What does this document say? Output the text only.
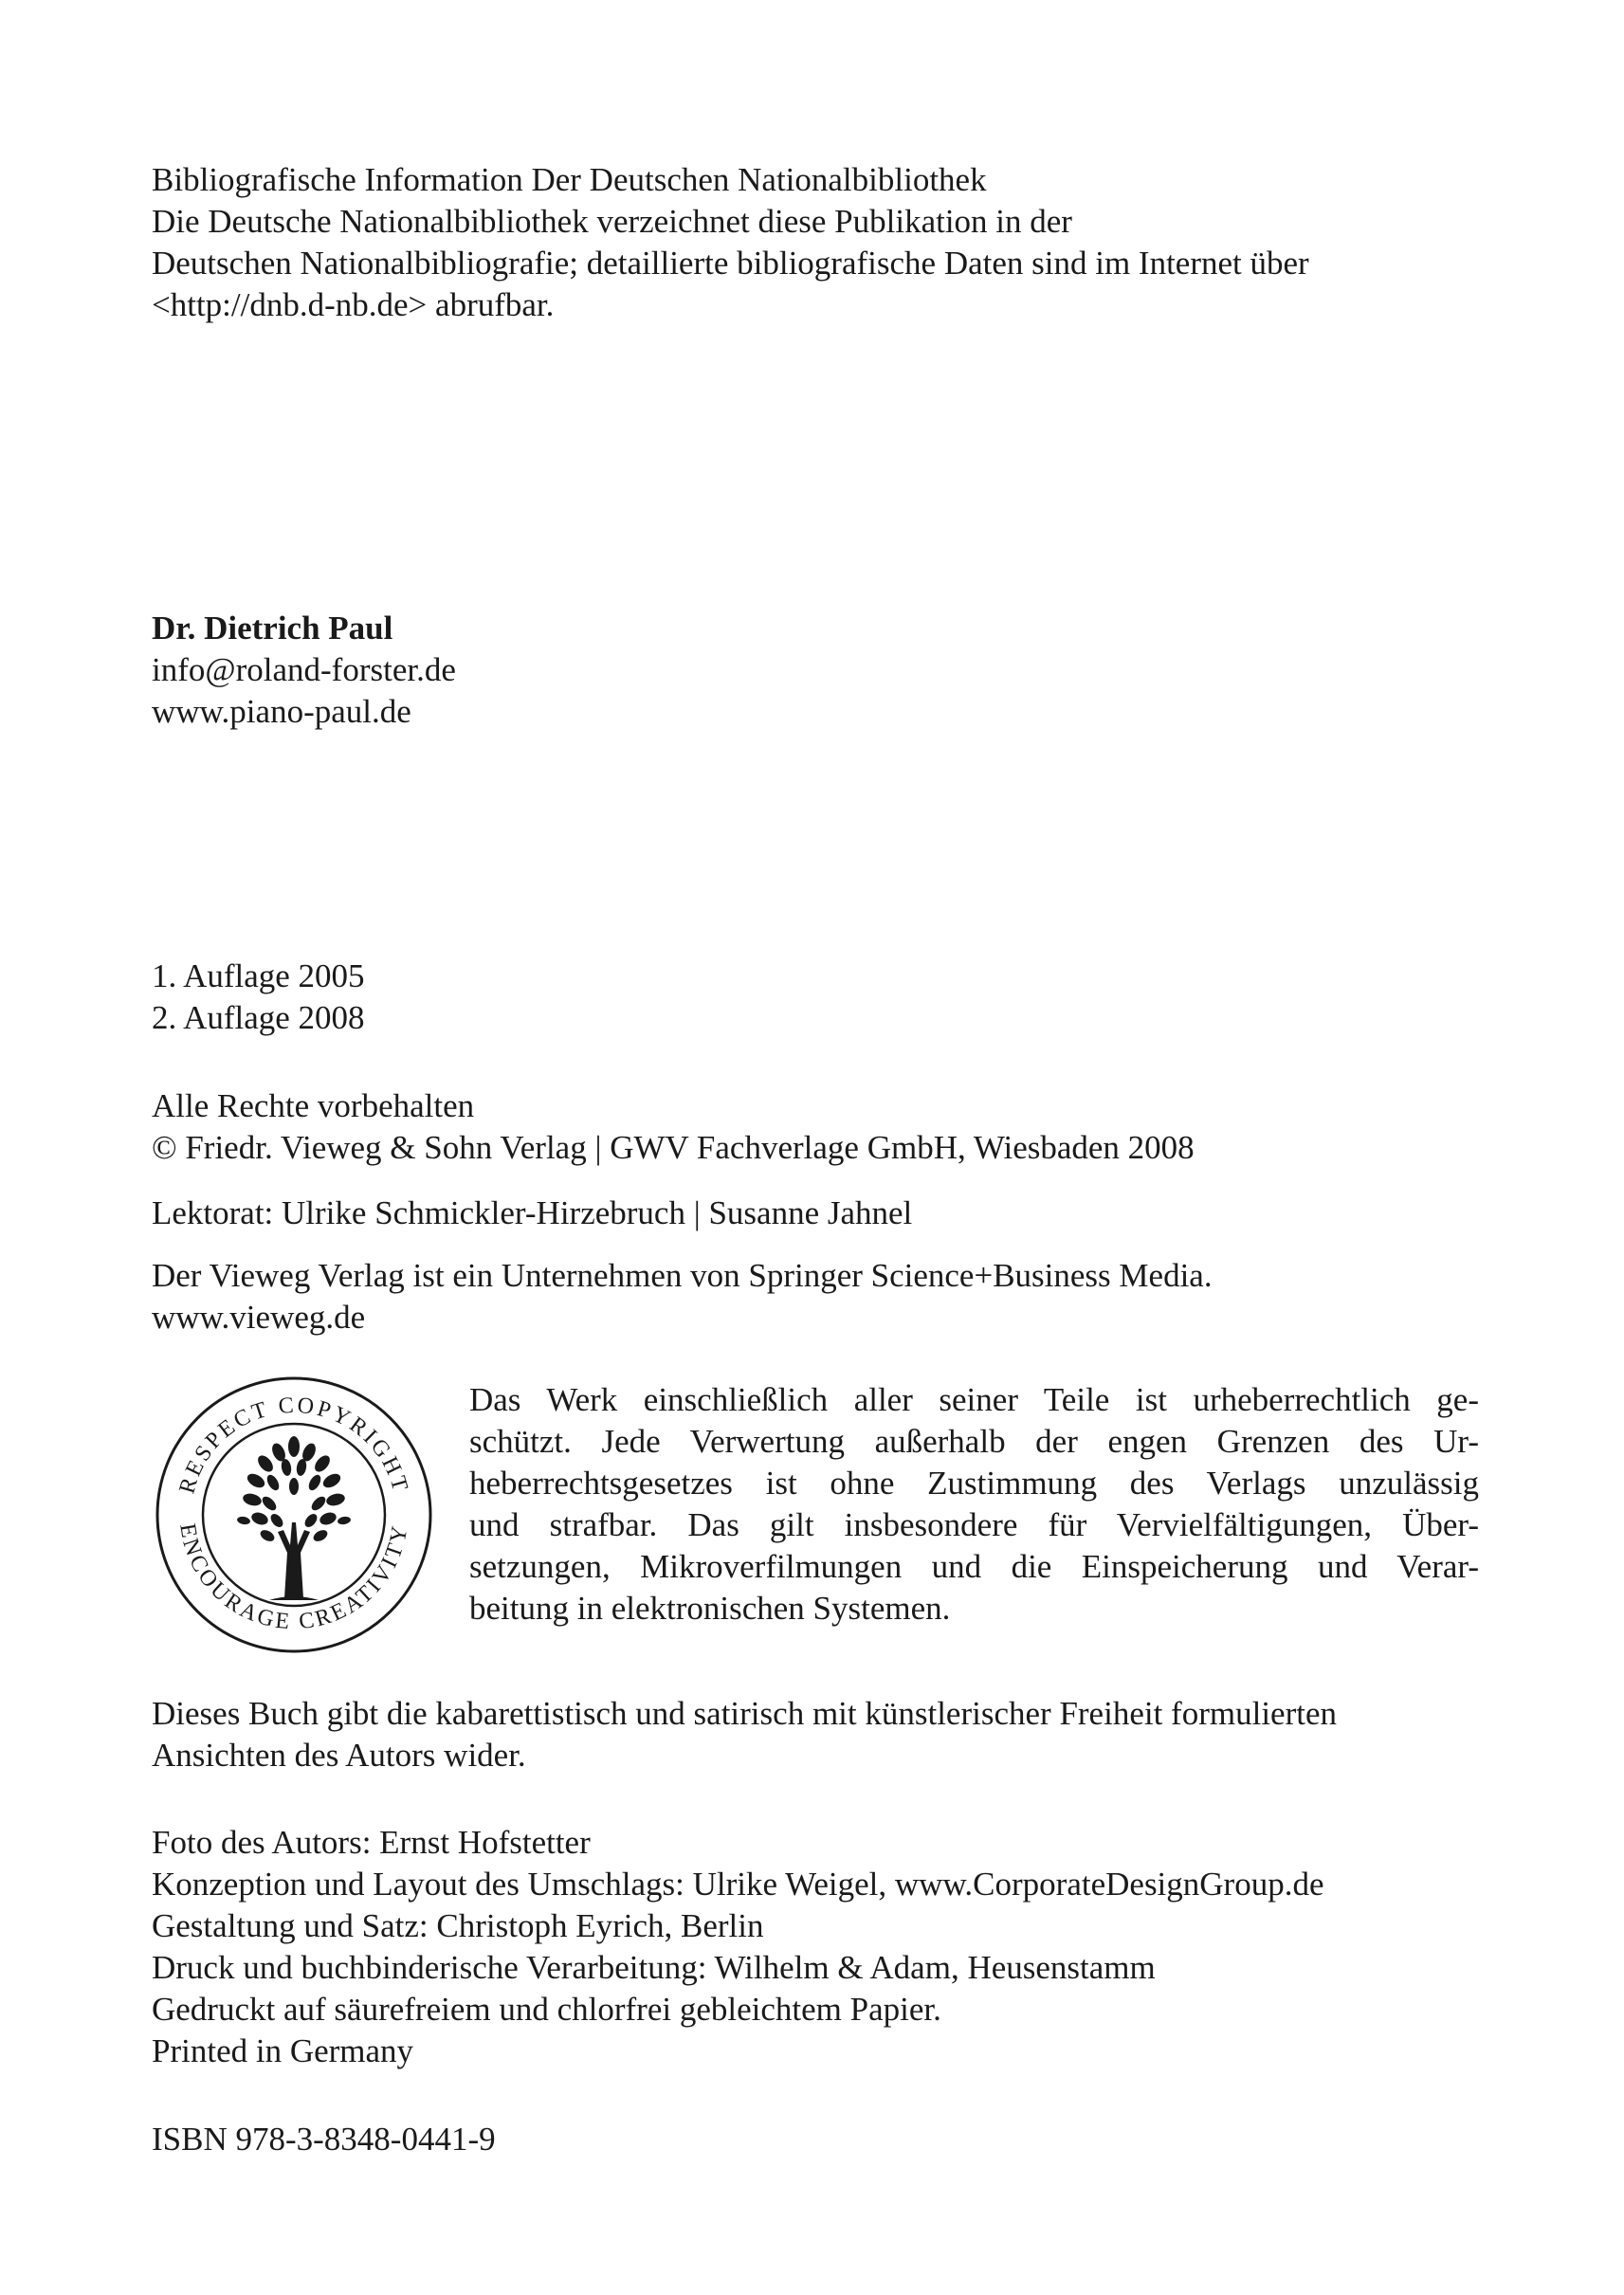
Bibliografische Information Der Deutschen Nationalbibliothek
Die Deutsche Nationalbibliothek verzeichnet diese Publikation in der
Deutschen Nationalbibliografie; detaillierte bibliografische Daten sind im Internet über
<http://dnb.d-nb.de> abrufbar.
Dr. Dietrich Paul
info@roland-forster.de
www.piano-paul.de
1. Auflage 2005
2. Auflage 2008
Alle Rechte vorbehalten
© Friedr. Vieweg & Sohn Verlag | GWV Fachverlage GmbH, Wiesbaden 2008
Lektorat: Ulrike Schmickler-Hirzebruch | Susanne Jahnel
Der Vieweg Verlag ist ein Unternehmen von Springer Science+Business Media.
www.vieweg.de
RESPECT COPYRIGHT
ENCOURAGE CREATIVITY
Das Werk einschließlich aller seiner Teile ist urheberrechtlich ge-
schützt. Jede Verwertung außerhalb der engen Grenzen des Ur-
heberrechtsgesetzes ist ohne Zustimmung des Verlags unzulässig
und strafbar. Das gilt insbesondere für Vervielfältigungen, Über-
setzungen, Mikroverfilmungen und die Einspeicherung und Verar-
beitung in elektronischen Systemen.
Dieses Buch gibt die kabarettistisch und satirisch mit künstlerischer Freiheit formulierten
Ansichten des Autors wider.
Foto des Autors: Ernst Hofstetter
Konzeption und Layout des Umschlags: Ulrike Weigel, www.CorporateDesignGroup.de
Gestaltung und Satz: Christoph Eyrich, Berlin
Druck und buchbinderische Verarbeitung: Wilhelm & Adam, Heusenstamm
Gedruckt auf säurefreiem und chlorfrei gebleichtem Papier.
Printed in Germany
ISBN 978-3-8348-0441-9
